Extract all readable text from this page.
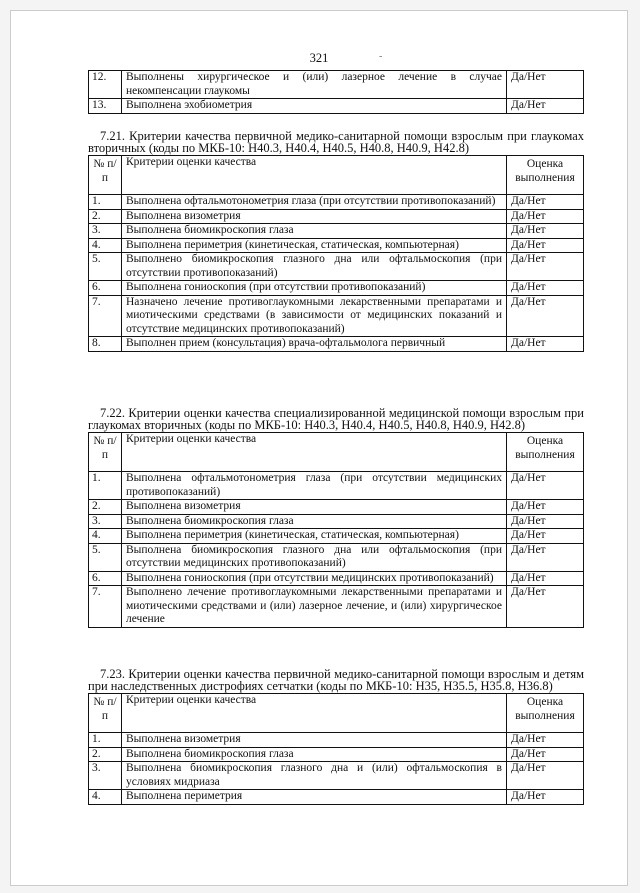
321	-
12.	Выполнены хирургическое и (или) лазерное лечение в случае некомпенсации глаукомы	Да/Нет
13.	Выполнена эхобиометрия	Да/Нет
7.21. Критерии качества первичной медико-санитарной помощи взрослым при глаукомах вторичных (коды по МКБ-10: H40.3, H40.4, H40.5, H40.8, H40.9, H42.8)
№ п/п	Критерии оценки качества	Оценка выполнения
1.	Выполнена офтальмотонометрия глаза (при отсутствии противопоказаний)	Да/Нет
2.	Выполнена визометрия	Да/Нет
3.	Выполнена биомикроскопия глаза	Да/Нет
4.	Выполнена периметрия (кинетическая, статическая, компьютерная)	Да/Нет
5.	Выполнено биомикроскопия глазного дна или офтальмоскопия (при отсутствии противопоказаний)	Да/Нет
6.	Выполнена гониоскопия (при отсутствии противопоказаний)	Да/Нет
7.	Назначено лечение противоглаукомными лекарственными препаратами и миотическими средствами (в зависимости от медицинских показаний и отсутствие медицинских противопоказаний)	Да/Нет
8.	Выполнен прием (консультация) врача-офтальмолога первичный	Да/Нет
7.22. Критерии оценки качества специализированной медицинской помощи взрослым при глаукомах вторичных (коды по МКБ-10: H40.3, H40.4, H40.5, H40.8, H40.9, H42.8)
№ п/п	Критерии оценки качества	Оценка выполнения
1.	Выполнена офтальмотонометрия глаза (при отсутствии медицинских противопоказаний)	Да/Нет
2.	Выполнена визометрия	Да/Нет
3.	Выполнена биомикроскопия глаза	Да/Нет
4.	Выполнена периметрия (кинетическая, статическая, компьютерная)	Да/Нет
5.	Выполнена биомикроскопия глазного дна или офтальмоскопия (при отсутствии медицинских противопоказаний)	Да/Нет
6.	Выполнена гониоскопия (при отсутствии медицинских противопоказаний)	Да/Нет
7.	Выполнено лечение противоглаукомными лекарственными препаратами и миотическими средствами и (или) лазерное лечение, и (или) хирургическое лечение	Да/Нет
7.23. Критерии оценки качества первичной медико-санитарной помощи взрослым и детям при наследственных дистрофиях сетчатки (коды по МКБ-10: H35, H35.5, H35.8, H36.8)
№ п/п	Критерии оценки качества	Оценка выполнения
1.	Выполнена визометрия	Да/Нет
2.	Выполнена биомикроскопия глаза	Да/Нет
3.	Выполнена биомикроскопия глазного дна и (или) офтальмоскопия в условиях мидриаза	Да/Нет
4.	Выполнена периметрия	Да/Нет
